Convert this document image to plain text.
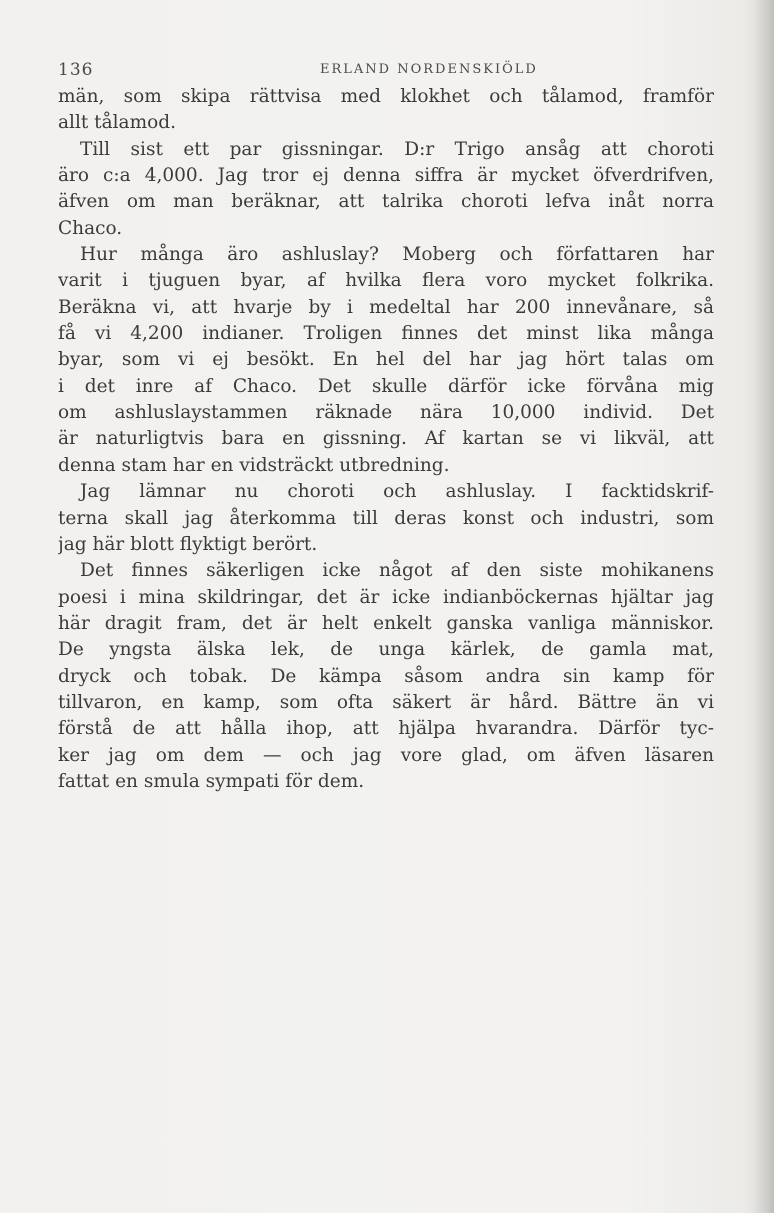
136	ERLAND NORDENSKIÖLD
män, som skipa rättvisa med klokhet och tålamod, framför
allt tålamod.
Till sist ett par gissningar. D:r Trigo ansåg att choroti
äro c:a 4,000. Jag tror ej denna siffra är mycket öfverdrifven,
äfven om man beräknar, att talrika choroti lefva inåt norra
Chaco.
Hur många äro ashluslay? Moberg och författaren har
varit i tjuguen byar, af hvilka flera voro mycket folkrika.
Beräkna vi, att hvarje by i medeltal har 200 innevånare, så
få vi 4,200 indianer. Troligen finnes det minst lika många
byar, som vi ej besökt. En hel del har jag hört talas om
i det inre af Chaco. Det skulle därför icke förvåna mig
om ashluslaystammen räknade nära 10,000 individ. Det
är naturligtvis bara en gissning. Af kartan se vi likväl, att
denna stam har en vidsträckt utbredning.
Jag lämnar nu choroti och ashluslay. I facktidskrif-
terna skall jag återkomma till deras konst och industri, som
jag här blott flyktigt berört.
Det finnes säkerligen icke något af den siste mohikanens
poesi i mina skildringar, det är icke indianböckernas hjältar jag
här dragit fram, det är helt enkelt ganska vanliga människor.
De yngsta älska lek, de unga kärlek, de gamla mat,
dryck och tobak. De kämpa såsom andra sin kamp för
tillvaron, en kamp, som ofta säkert är hård. Bättre än vi
förstå de att hålla ihop, att hjälpa hvarandra. Därför tyc-
ker jag om dem — och jag vore glad, om äfven läsaren
fattat en smula sympati för dem.
